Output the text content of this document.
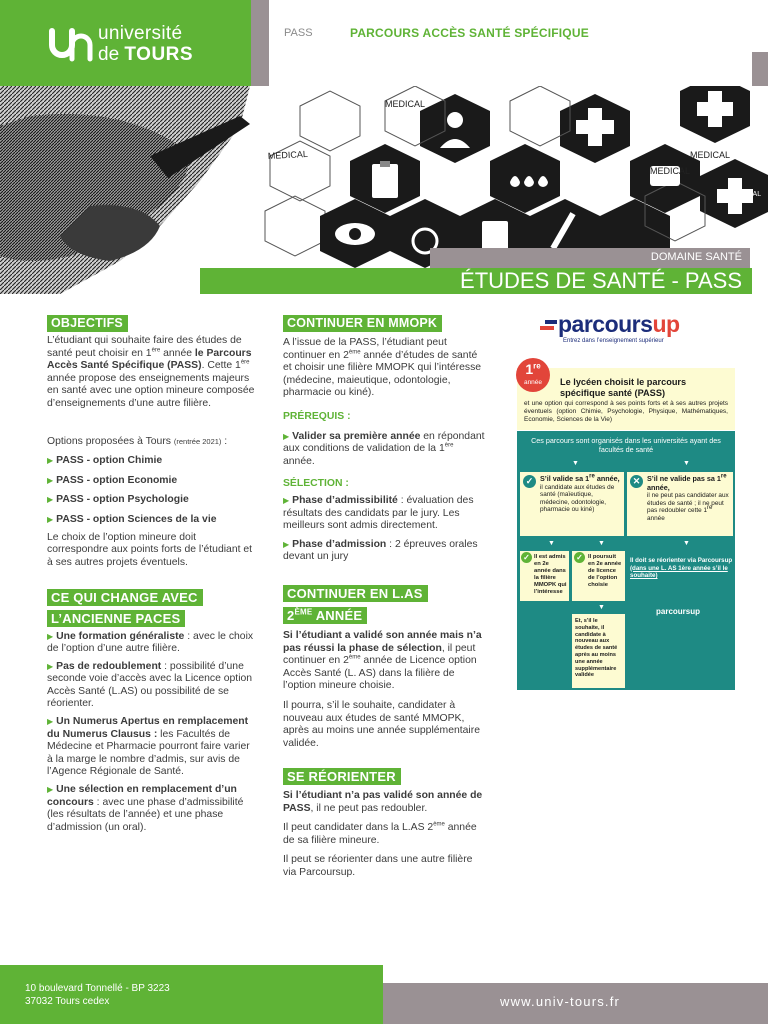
université
de TOURS
PASS	PARCOURS ACCÈS SANTÉ SPÉCIFIQUE
MEDICAL
MEDICAL
MEDICAL
MEDICAL
MEDICAL
DOMAINE SANTÉ
ÉTUDES DE SANTÉ - PASS
OBJECTIFS

L’étudiant qui souhaite faire des études de santé peut choisir en 1ère année le Parcours Accès Santé Spécifique (PASS). Cette 1ère année propose des enseignements majeurs en santé avec une option mineure composée d’enseignements d’une autre filière.

Options proposées à Tours (rentrée 2021) :

▶ PASS - option Chimie

▶ PASS - option Economie

▶ PASS - option Psychologie

▶ PASS - option Sciences de la vie

Le choix de l’option mineure doit correspondre aux points forts de l’étudiant et à ses autres projets éventuels.

CE QUI CHANGE AVEC
L’ANCIENNE PACES

▶ Une formation généraliste : avec le choix de l’option d’une autre filière.

▶ Pas de redoublement : possibilité d’une seconde voie d’accès avec la Licence option Accès Santé (L.AS) ou possibilité de se réorienter.

▶ Un Numerus Apertus en remplacement du Numerus Clausus : les Facultés de Médecine et Pharmacie pourront faire varier à la marge le nombre d’admis, sur avis de l’Agence Régionale de Santé.

▶ Une sélection en remplacement d’un concours : avec une phase d’admissibilité (les résultats de l’année) et une phase d’admission (un oral).

CONTINUER EN MMOPK

A l’issue de la PASS, l’étudiant peut continuer en 2ème année d’études de santé et choisir une filière MMOPK qui l’intéresse (médecine, maieutique, odontologie, pharmacie ou kiné).

PRÉREQUIS :

▶ Valider sa première année en répondant aux conditions de validation de la 1ère année.

SÉLECTION :

▶ Phase d’admissibilité : évaluation des résultats des candidats par le jury. Les meilleurs sont admis directement.

▶ Phase d’admission : 2 épreuves orales devant un jury

CONTINUER EN L.AS
2ÈME ANNÉE

Si l’étudiant a validé son année mais n’a pas réussi la phase de sélection, il peut continuer en 2ème année de Licence option Accès Santé (L. AS) dans la filière de l’option mineure choisie.

Il pourra, s’il le souhaite, candidater à nouveau aux études de santé MMOPK, après au moins une année supplémentaire validée.

SE RÉORIENTER

Si l’étudiant n’a pas validé son année de PASS, il ne peut pas redoubler.

Il peut candidater dans la L.AS 2ème année de sa filière mineure.

Il peut se réorienter dans une autre filière via Parcoursup.

parcoursup
Entrez dans l’enseignement supérieur
1re
année	Le lycéen choisit le parcours spécifique santé (PASS)
et une option qui correspond à ses points forts et à ses autres projets éventuels (option Chimie, Psychologie, Physique, Mathématiques, Economie, Sciences de la Vie)
Ces parcours sont organisés dans les universités ayant des facultés de santé
▼	▼
S’il valide sa 1re année,
il candidate aux études de santé (maïeutique, médecine, odontologie, pharmacie ou kiné)
✓	S’il ne valide pas sa 1re année,
il ne peut pas candidater aux études de santé ; il ne peut pas redoubler cette 1re année
✕
▼	▼	▼
Il est admis en 2e année dans la filière MMOPK qui l’intéresse
✓	Il poursuit en 2e année de licence de l’option choisie
✓	Il doit se réorienter via Parcoursup (dans une L. AS 1ère année s’il le souhaite)
parcoursup
▼
Et, s’il le souhaite, il candidate à nouveau aux études de santé après au moins une année supplémentaire validée
10 boulevard Tonnellé - BP 3223
37032 Tours cedex	www.univ-tours.fr
